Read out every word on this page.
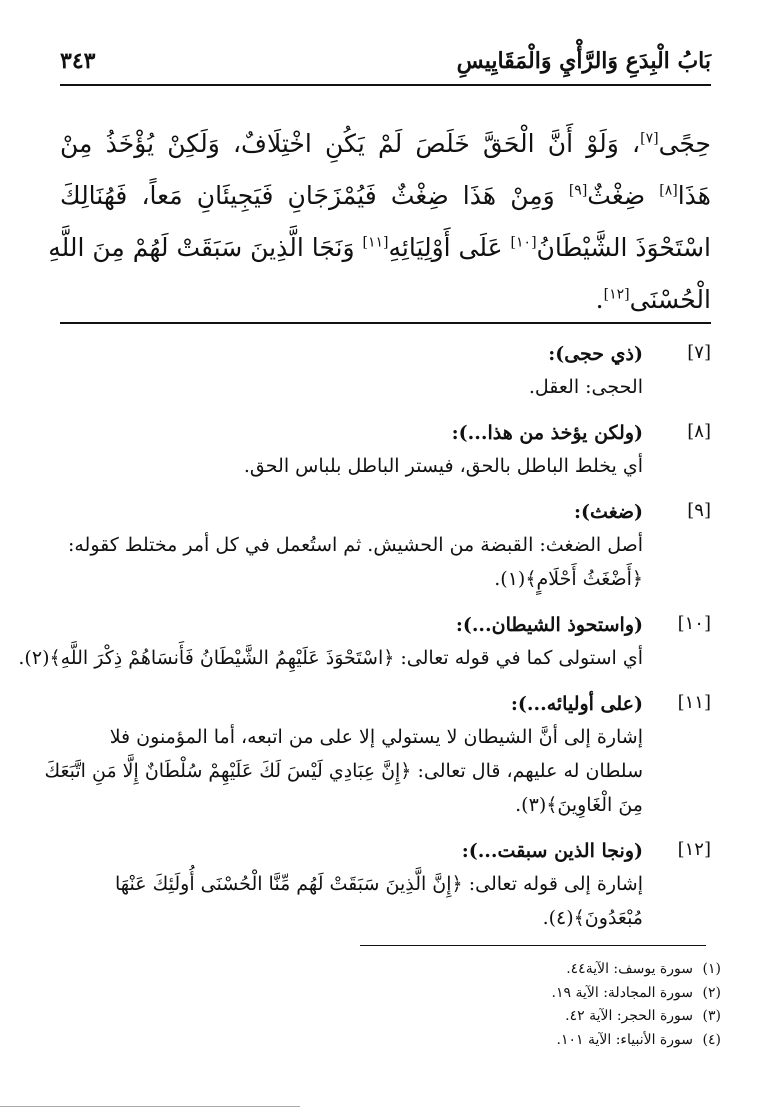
بَابُ الْبِدَعِ وَالرَّأْيِ وَالْمَقَايِيسِ
٣٤٣
حِجًى[٧]، وَلَوْ أَنَّ الْحَقَّ خَلَصَ لَمْ يَكُنِ اخْتِلَافٌ، وَلَكِنْ يُؤْخَذُ مِنْ
هَذَا[٨] ضِغْثٌ[٩] وَمِنْ هَذَا ضِغْثٌ فَيُمْزَجَانِ فَيَجِيئَانِ مَعاً، فَهُنَالِكَ
اسْتَحْوَذَ الشَّيْطَانُ[١٠] عَلَى أَوْلِيَائِهِ[١١] وَنَجَا الَّذِينَ سَبَقَتْ لَهُمْ مِنَ اللَّهِ
الْحُسْنَى[١٢].
[٧]
(ذي حجى):
الحجى: العقل.
[٨]
(ولكن يؤخذ من هذا...):
أي يخلط الباطل بالحق، فيستر الباطل بلباس الحق.
[٩]
(ضغث):
أصل الضغث: القبضة من الحشيش. ثم استُعمل في كل أمر مختلط كقوله:
﴿أَضْغَثُ أَحْلَامٍ﴾(١).
[١٠]
(واستحوذ الشيطان...):
أي استولى كما في قوله تعالى: ﴿اسْتَحْوَذَ عَلَيْهِمُ الشَّيْطَانُ فَأَنسَاهُمْ ذِكْرَ اللَّهِ﴾(٢).
[١١]
(على أوليائه...):
إشارة إلى أنَّ الشيطان لا يستولي إلا على من اتبعه، أما المؤمنون فلا
سلطان له عليهم، قال تعالى: ﴿إِنَّ عِبَادِي لَيْسَ لَكَ عَلَيْهِمْ سُلْطَانٌ إِلَّا مَنِ اتَّبَعَكَ
مِنَ الْغَاوِينَ﴾(٣).
[١٢]
(ونجا الذين سبقت...):
إشارة إلى قوله تعالى: ﴿إِنَّ الَّذِينَ سَبَقَتْ لَهُم مِّنَّا الْحُسْنَى أُولَئِكَ عَنْهَا
مُبْعَدُونَ﴾(٤).
(١)سورة يوسف: الآية٤٤.
(٢)سورة المجادلة: الآية ١٩.
(٣)سورة الحجر: الآية ٤٢.
(٤)سورة الأنبياء: الآية ١٠١.
